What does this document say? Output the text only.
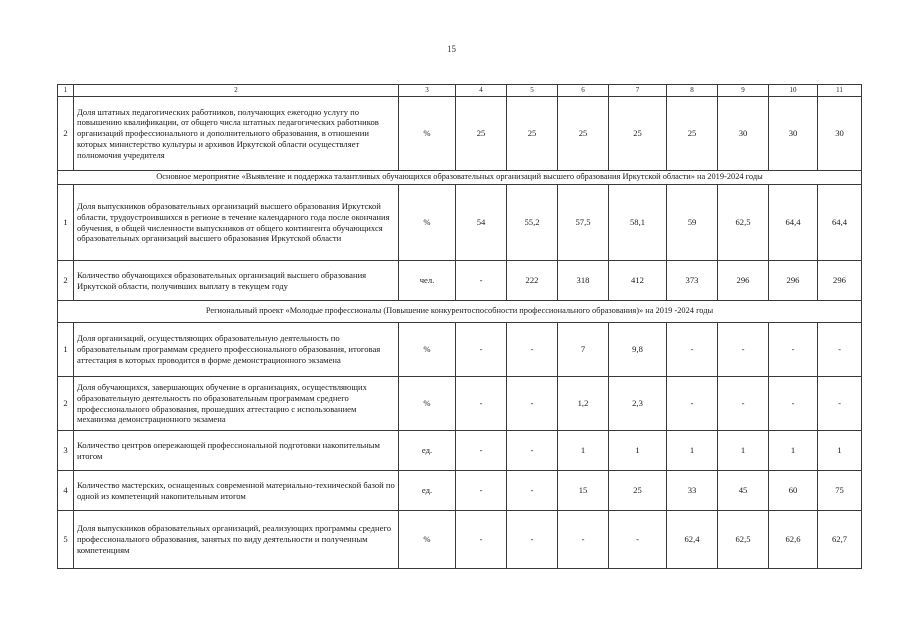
15
1	2	3	4	5	6	7	8	9	10	11
2	Доля штатных педагогических работников, получающих ежегодно услугу по повышению квалификации, от общего числа штатных педагогических работников организаций профессионального и дополнительного образования, в отношении которых министерство культуры и архивов Иркутской области осуществляет полномочия учредителя	%	25	25	25	25	25	30	30	30
Основное мероприятие «Выявление и поддержка талантливых обучающихся образовательных организаций высшего образования Иркутской области» на 2019-2024 годы										
1	Доля выпускников образовательных организаций высшего образования Иркутской области, трудоустроившихся в регионе в течение календарного года после окончания обучения, в общей численности выпускников от общего контингента обучающихся образовательных организаций высшего образования Иркутской области	%	54	55,2	57,5	58,1	59	62,5	64,4	64,4
2	Количество обучающихся образовательных организаций высшего образования Иркутской области, получивших выплату в текущем году	чел.	-	222	318	412	373	296	296	296
Региональный проект «Молодые профессионалы (Повышение конкурентоспособности профессионального образования)» на 2019 -2024 годы										
1	Доля организаций, осуществляющих образовательную деятельность по образовательным программам среднего профессионального образования, итоговая аттестация в которых проводится в форме демонстрационного экзамена	%	-	-	7	9,8	-	-	-	-
2	Доля обучающихся, завершающих обучение в организациях, осуществляющих образовательную деятельность по образовательным программам среднего профессионального образования, прошедших аттестацию с использованием механизма демонстрационного экзамена	%	-	-	1,2	2,3	-	-	-	-
3	Количество центров опережающей профессиональной подготовки накопительным итогом	ед.	-	-	1	1	1	1	1	1
4	Количество мастерских, оснащенных современной материально-технической базой по одной из компетенций накопительным итогом	ед.	-	-	15	25	33	45	60	75
5	Доля выпускников образовательных организаций, реализующих программы среднего профессионального образования, занятых по виду деятельности и полученным компетенциям	%	-	-	-	-	62,4	62,5	62,6	62,7
